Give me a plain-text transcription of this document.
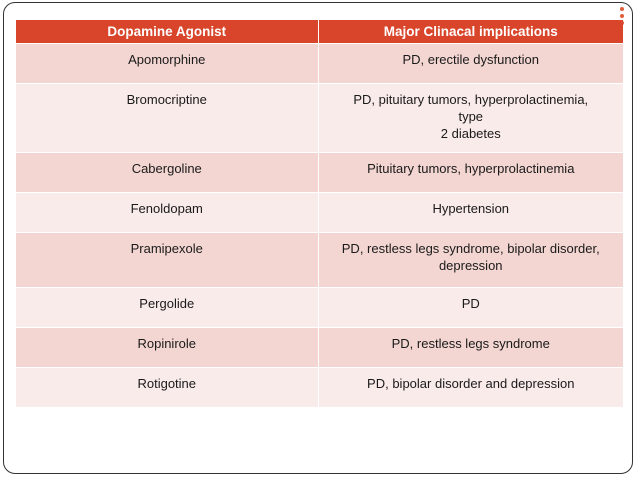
Dopamine Agonist	Major Clinacal implications
Apomorphine	PD, erectile dysfunction

Bromocriptine	PD, pituitary tumors, hyperprolactinemia,
type
2 diabetes

Cabergoline	Pituitary tumors, hyperprolactinemia

Fenoldopam	Hypertension

Pramipexole	PD, restless legs syndrome, bipolar disorder,
depression

Pergolide	PD

Ropinirole	PD, restless legs syndrome

Rotigotine	PD, bipolar disorder and depression
